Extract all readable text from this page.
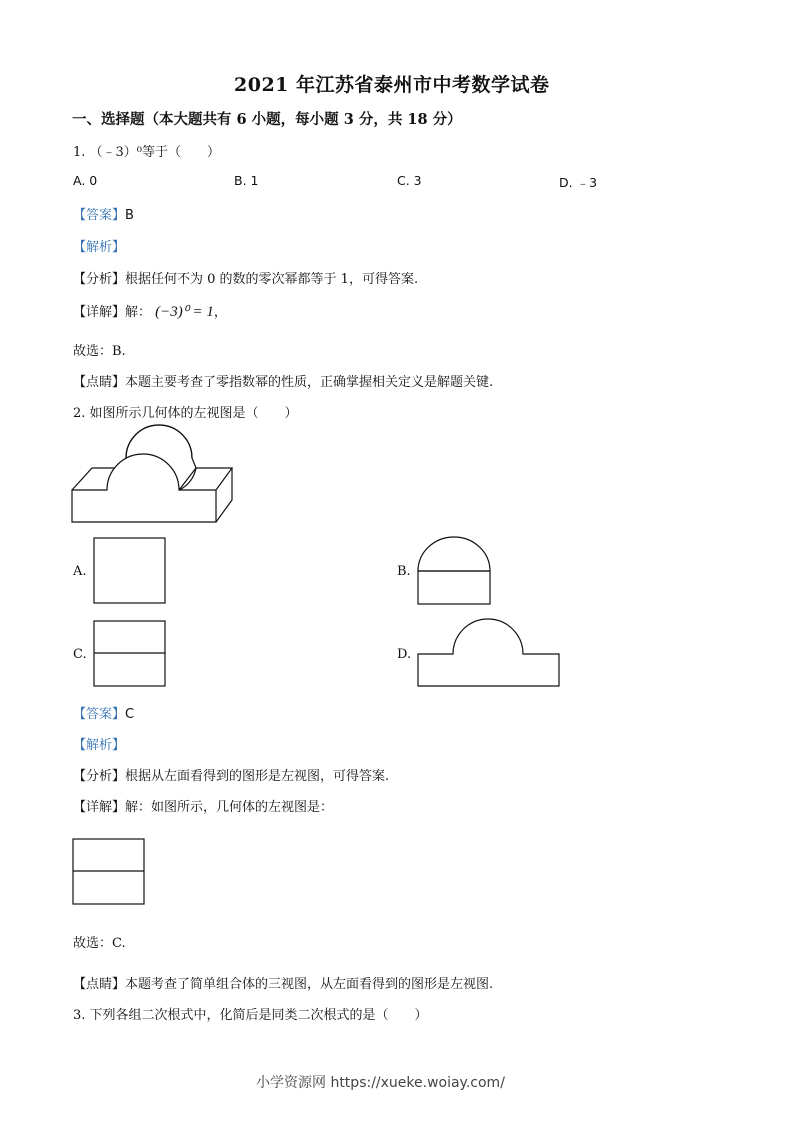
2021 年江苏省泰州市中考数学试卷
一、选择题（本大题共有 6 小题，每小题 3 分，共 18 分）
1. （﹣3）⁰等于（　　）
A. 0	B. 1	C. 3	D. ﹣3
【答案】B
【解析】
【分析】根据任何不为 0 的数的零次幂都等于 1，可得答案.
【详解】解： (−3)⁰ = 1，
故选：B.
【点睛】本题主要考查了零指数幂的性质，正确掌握相关定义是解题关键.
2. 如图所示几何体的左视图是（　　）
A.	B.
C.	D.
【答案】C
【解析】
【分析】根据从左面看得到的图形是左视图，可得答案.
【详解】解：如图所示，几何体的左视图是：
故选：C.
【点睛】本题考查了简单组合体的三视图，从左面看得到的图形是左视图.
3. 下列各组二次根式中，化简后是同类二次根式的是（　　）
小学资源网 https://xueke.woiay.com/
